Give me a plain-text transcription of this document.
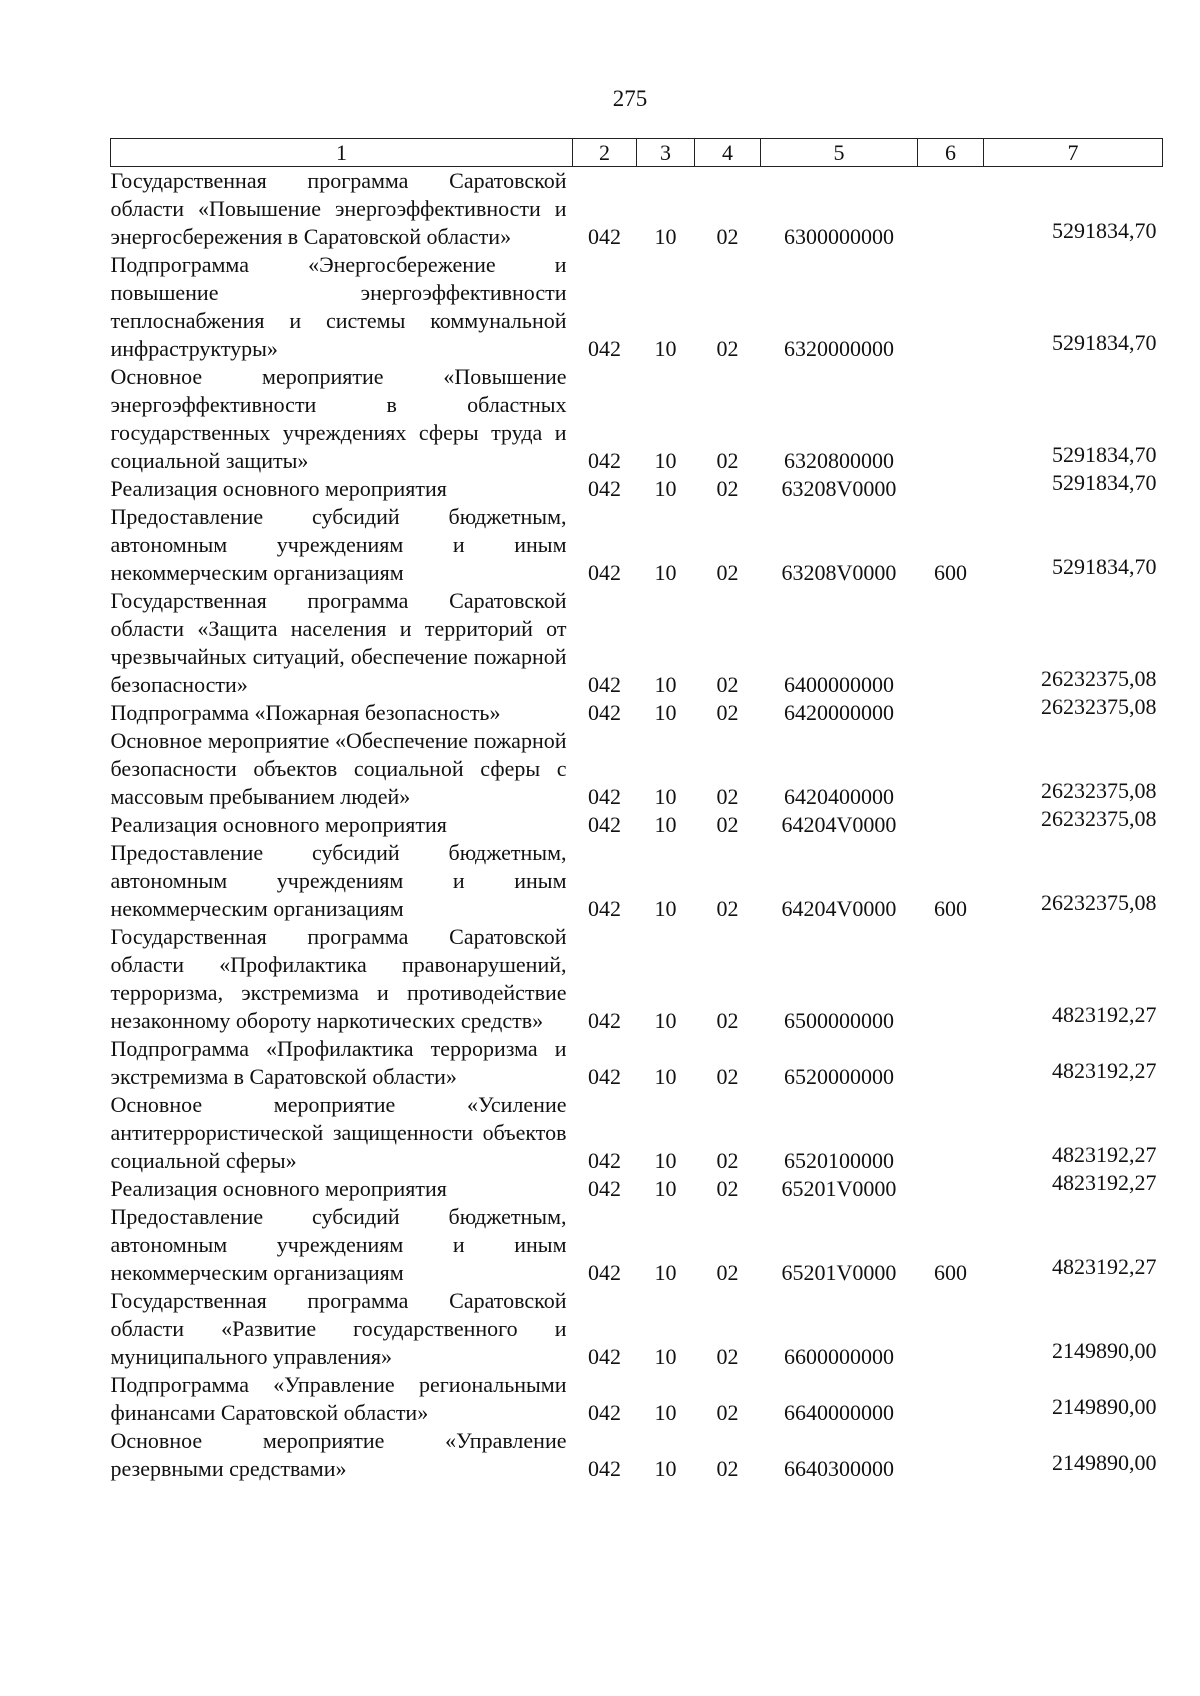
275
1	2	3	4	5	6	7
Государственная программа Саратовской области «Повышение энергоэффективности и энергосбережения в Саратовской области»	042	10	02	6300000000		5291834,70
Подпрограмма «Энергосбережение и повышение энергоэффективности теплоснабжения и системы коммунальной инфраструктуры»	042	10	02	6320000000		5291834,70
Основное мероприятие «Повышение энергоэффективности в областных государственных учреждениях сферы труда и социальной защиты»	042	10	02	6320800000		5291834,70
Реализация основного мероприятия	042	10	02	63208V0000		5291834,70
Предоставление субсидий бюджетным, автономным учреждениям и иным некоммерческим организациям	042	10	02	63208V0000	600	5291834,70
Государственная программа Саратовской области «Защита населения и территорий от чрезвычайных ситуаций, обеспечение пожарной безопасности»	042	10	02	6400000000		26232375,08
Подпрограмма «Пожарная безопасность»	042	10	02	6420000000		26232375,08
Основное мероприятие «Обеспечение пожарной безопасности объектов социальной сферы с массовым пребыванием людей»	042	10	02	6420400000		26232375,08
Реализация основного мероприятия	042	10	02	64204V0000		26232375,08
Предоставление субсидий бюджетным, автономным учреждениям и иным некоммерческим организациям	042	10	02	64204V0000	600	26232375,08
Государственная программа Саратовской области «Профилактика правонарушений, терроризма, экстремизма и противодействие незаконному обороту наркотических средств»	042	10	02	6500000000		4823192,27
Подпрограмма «Профилактика терроризма и экстремизма в Саратовской области»	042	10	02	6520000000		4823192,27
Основное мероприятие «Усиление антитеррористической защищенности объектов социальной сферы»	042	10	02	6520100000		4823192,27
Реализация основного мероприятия	042	10	02	65201V0000		4823192,27
Предоставление субсидий бюджетным, автономным учреждениям и иным некоммерческим организациям	042	10	02	65201V0000	600	4823192,27
Государственная программа Саратовской области «Развитие государственного и муниципального управления»	042	10	02	6600000000		2149890,00
Подпрограмма «Управление региональными финансами Саратовской области»	042	10	02	6640000000		2149890,00
Основное мероприятие «Управление резервными средствами»	042	10	02	6640300000		2149890,00
